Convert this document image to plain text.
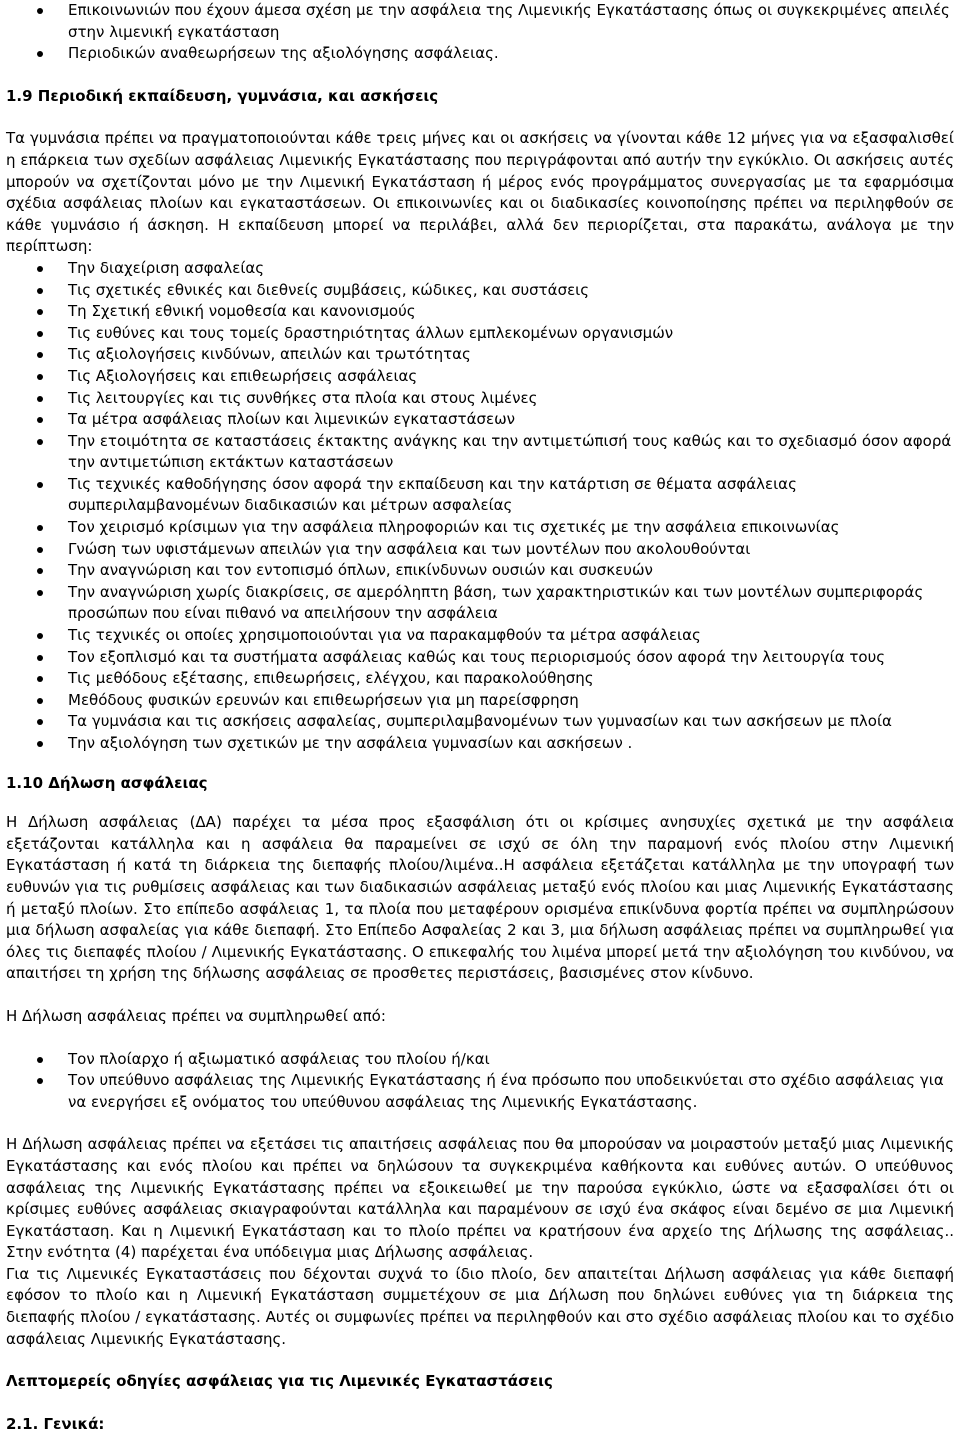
Επικοινωνιών που έχουν άμεσα σχέση με την ασφάλεια της Λιμενικής Εγκατάστασης όπως οι συγκεκριμένες απειλές στην λιμενική εγκατάσταση
Περιοδικών αναθεωρήσεων της αξιολόγησης ασφάλειας.
1.9 Περιοδική εκπαίδευση, γυμνάσια, και ασκήσεις
Τα γυμνάσια πρέπει να πραγματοποιούνται κάθε τρεις μήνες και οι ασκήσεις να γίνονται κάθε 12 μήνες για να εξασφαλισθεί η επάρκεια των σχεδίων ασφάλειας Λιμενικής Εγκατάστασης που περιγράφονται από αυτήν την εγκύκλιο. Οι ασκήσεις αυτές μπορούν να σχετίζονται μόνο με την Λιμενική Εγκατάσταση ή μέρος ενός προγράμματος συνεργασίας με τα εφαρμόσιμα σχέδια ασφάλειας πλοίων και εγκαταστάσεων. Οι επικοινωνίες και οι διαδικασίες κοινοποίησης πρέπει να περιληφθούν σε κάθε γυμνάσιο ή άσκηση. Η εκπαίδευση μπορεί να περιλάβει, αλλά δεν περιορίζεται, στα παρακάτω, ανάλογα με την περίπτωση:
Την διαχείριση ασφαλείας
Τις σχετικές εθνικές και διεθνείς συμβάσεις, κώδικες, και συστάσεις
Τη Σχετική εθνική νομοθεσία και κανονισμούς
Τις ευθύνες και τους τομείς δραστηριότητας άλλων εμπλεκομένων οργανισμών
Τις αξιολογήσεις κινδύνων, απειλών και τρωτότητας
Τις Αξιολογήσεις και επιθεωρήσεις ασφάλειας
Τις λειτουργίες και τις συνθήκες στα πλοία και στους λιμένες
Τα μέτρα ασφάλειας πλοίων και λιμενικών εγκαταστάσεων
Την ετοιμότητα σε καταστάσεις έκτακτης ανάγκης και την αντιμετώπισή τους καθώς και το σχεδιασμό όσον αφορά την αντιμετώπιση εκτάκτων καταστάσεων
Τις τεχνικές καθοδήγησης όσον αφορά την εκπαίδευση και την κατάρτιση σε θέματα ασφάλειας συμπεριλαμβανομένων διαδικασιών και μέτρων ασφαλείας
Τον χειρισμό κρίσιμων για την ασφάλεια πληροφοριών και τις σχετικές με την ασφάλεια επικοινωνίας
Γνώση των υφιστάμενων απειλών για την ασφάλεια και των μοντέλων που ακολουθούνται
Την αναγνώριση και τον εντοπισμό όπλων, επικίνδυνων ουσιών και συσκευών
Την αναγνώριση χωρίς διακρίσεις, σε αμερόληπτη βάση, των χαρακτηριστικών και των μοντέλων συμπεριφοράς προσώπων που είναι πιθανό να απειλήσουν την ασφάλεια
Τις τεχνικές οι οποίες χρησιμοποιούνται για να παρακαμφθούν τα μέτρα ασφάλειας
Τον εξοπλισμό και τα συστήματα ασφάλειας καθώς και τους περιορισμούς όσον αφορά την λειτουργία τους
Τις μεθόδους εξέτασης, επιθεωρήσεις, ελέγχου, και παρακολούθησης
Μεθόδους φυσικών ερευνών και επιθεωρήσεων για μη παρείσφρηση
Τα γυμνάσια και τις ασκήσεις ασφαλείας, συμπεριλαμβανομένων των γυμνασίων και των ασκήσεων με πλοία
Την αξιολόγηση των σχετικών με την ασφάλεια γυμνασίων και ασκήσεων .
1.10 Δήλωση ασφάλειας
Η Δήλωση ασφάλειας (ΔΑ) παρέχει τα μέσα προς εξασφάλιση ότι οι κρίσιμες ανησυχίες σχετικά με την ασφάλεια εξετάζονται κατάλληλα και η ασφάλεια θα παραμείνει σε ισχύ σε όλη την παραμονή ενός πλοίου στην Λιμενική Εγκατάσταση ή κατά τη διάρκεια της διεπαφής πλοίου/λιμένα..Η ασφάλεια εξετάζεται κατάλληλα με την υπογραφή των ευθυνών για τις ρυθμίσεις ασφάλειας και των διαδικασιών ασφάλειας μεταξύ ενός πλοίου και μιας Λιμενικής Εγκατάστασης ή μεταξύ πλοίων. Στο επίπεδο ασφάλειας 1, τα πλοία που μεταφέρουν ορισμένα επικίνδυνα φορτία πρέπει να συμπληρώσουν μια δήλωση ασφαλείας για κάθε διεπαφή. Στο Επίπεδο Ασφαλείας 2 και 3, μια δήλωση ασφάλειας πρέπει να συμπληρωθεί για όλες τις διεπαφές πλοίου / Λιμενικής Εγκατάστασης. Ο επικεφαλής του λιμένα μπορεί μετά την αξιολόγηση του κινδύνου, να απαιτήσει τη χρήση της δήλωσης ασφάλειας σε προσθετες περιστάσεις, βασισμένες στον κίνδυνο.
Η Δήλωση ασφάλειας πρέπει να συμπληρωθεί από:
Τον πλοίαρχο ή αξιωματικό ασφάλειας του πλοίου ή/και
Τον υπεύθυνο ασφάλειας της Λιμενικής Εγκατάστασης ή ένα πρόσωπο που υποδεικνύεται στο σχέδιο ασφάλειας για να ενεργήσει εξ ονόματος του υπεύθυνου ασφάλειας της Λιμενικής Εγκατάστασης.
Η Δήλωση ασφάλειας πρέπει να εξετάσει τις απαιτήσεις ασφάλειας που θα μπορούσαν να μοιραστούν μεταξύ μιας Λιμενικής Εγκατάστασης και ενός πλοίου και πρέπει να δηλώσουν τα συγκεκριμένα καθήκοντα και ευθύνες αυτών. Ο υπεύθυνος ασφάλειας της Λιμενικής Εγκατάστασης πρέπει να εξοικειωθεί με την παρούσα εγκύκλιο, ώστε να εξασφαλίσει ότι οι κρίσιμες ευθύνες ασφάλειας σκιαγραφούνται κατάλληλα και παραμένουν σε ισχύ ένα σκάφος είναι δεμένο σε μια Λιμενική Εγκατάσταση. Και η Λιμενική Εγκατάσταση και το πλοίο πρέπει να κρατήσουν ένα αρχείο της Δήλωσης της ασφάλειας.. Στην ενότητα (4) παρέχεται ένα υπόδειγμα μιας Δήλωσης ασφάλειας.
Για τις Λιμενικές Εγκαταστάσεις που δέχονται συχνά το ίδιο πλοίο, δεν απαιτείται Δήλωση ασφάλειας για κάθε διεπαφή εφόσον το πλοίο και η Λιμενική Εγκατάσταση συμμετέχουν σε μια Δήλωση που δηλώνει ευθύνες για τη διάρκεια της διεπαφής πλοίου / εγκατάστασης. Αυτές οι συμφωνίες πρέπει να περιληφθούν και στο σχέδιο ασφάλειας πλοίου και το σχέδιο ασφάλειας Λιμενικής Εγκατάστασης.
Λεπτομερείς οδηγίες ασφάλειας για τις Λιμενικές Εγκαταστάσεις
2.1. Γενικά:
